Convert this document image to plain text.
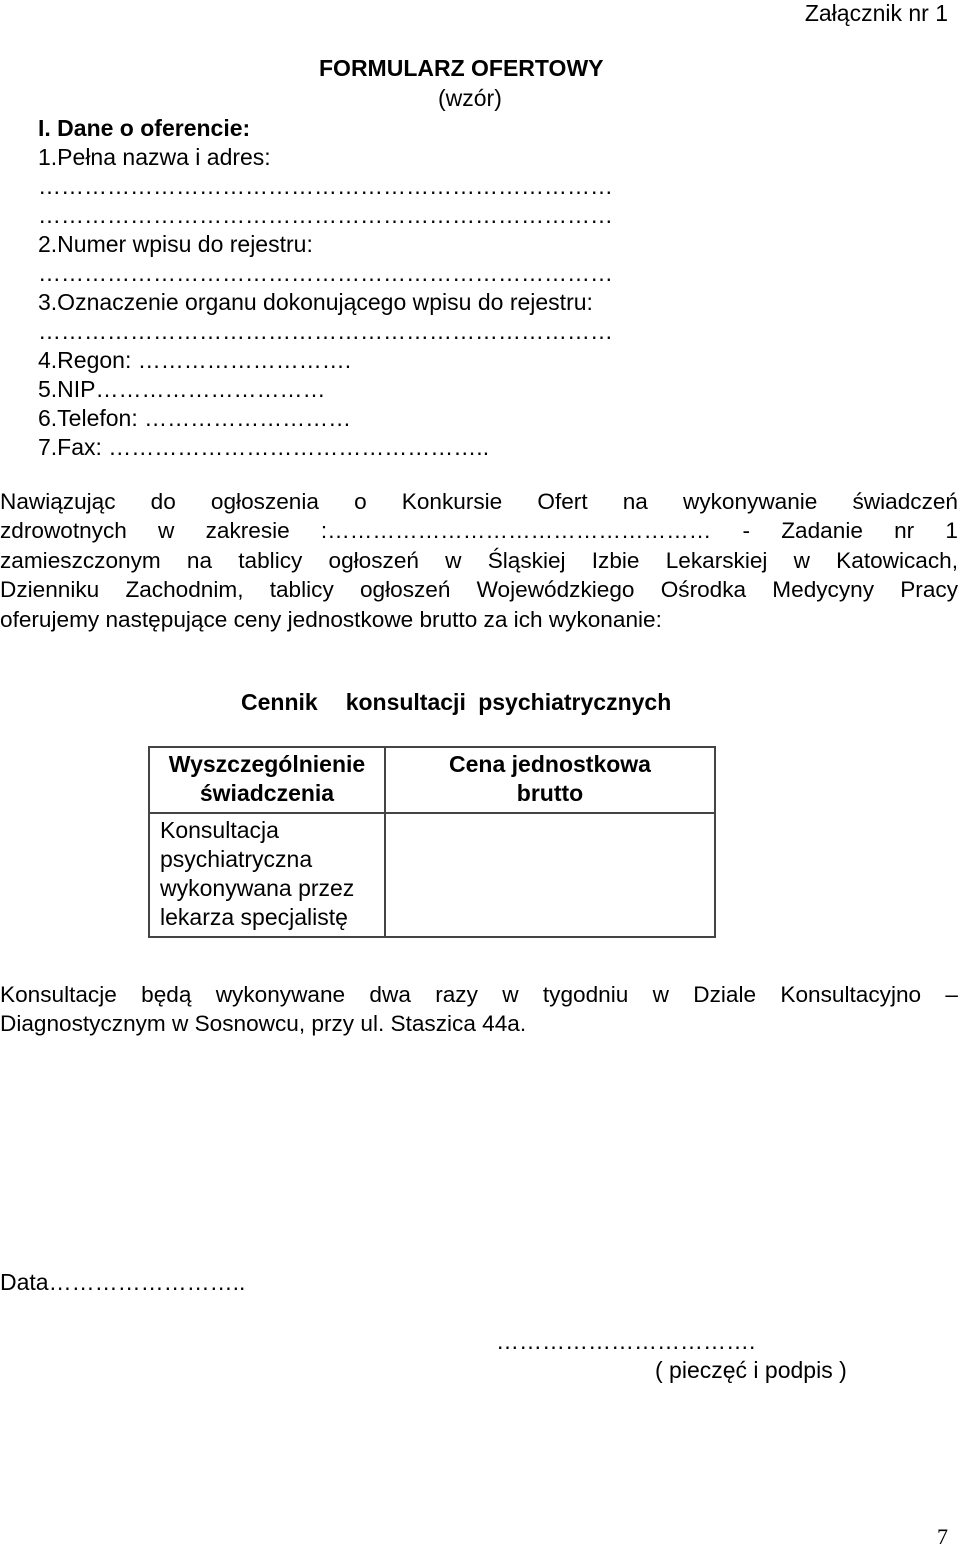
Załącznik nr 1
FORMULARZ OFERTOWY
(wzór)
I. Dane o oferencie:
1.Pełna nazwa i adres:
…………………………………………………………………
…………………………………………………………………
2.Numer wpisu do rejestru:
…………………………………………………………………
3.Oznaczenie organu dokonującego wpisu do rejestru:
…………………………………………………………………
4.Regon: ……………………….
5.NIP…………………………
6.Telefon: ………………………
7.Fax: …………………………………………..
Nawiązując do ogłoszenia o Konkursie Ofert na wykonywanie świadczeń
zdrowotnych w zakresie :…………………………………………… - Zadanie nr 1
zamieszczonym na tablicy ogłoszeń w Śląskiej Izbie Lekarskiej w Katowicach,
Dzienniku Zachodnim, tablicy ogłoszeń Wojewódzkiego Ośrodka Medycyny Pracy
oferujemy następujące ceny jednostkowe brutto za ich wykonanie:
Cennik konsultacji psychiatrycznych
Wyszczególnienie świadczenia	Cena jednostkowa brutto

Konsultacja psychiatryczna wykonywana przez lekarza specjalistę	
Konsultacje będą wykonywane dwa razy w tygodniu w Dziale Konsultacyjno –
Diagnostycznym w Sosnowcu, przy ul. Staszica 44a.
Data……………………..
…………………………….
( pieczęć i podpis )
7
